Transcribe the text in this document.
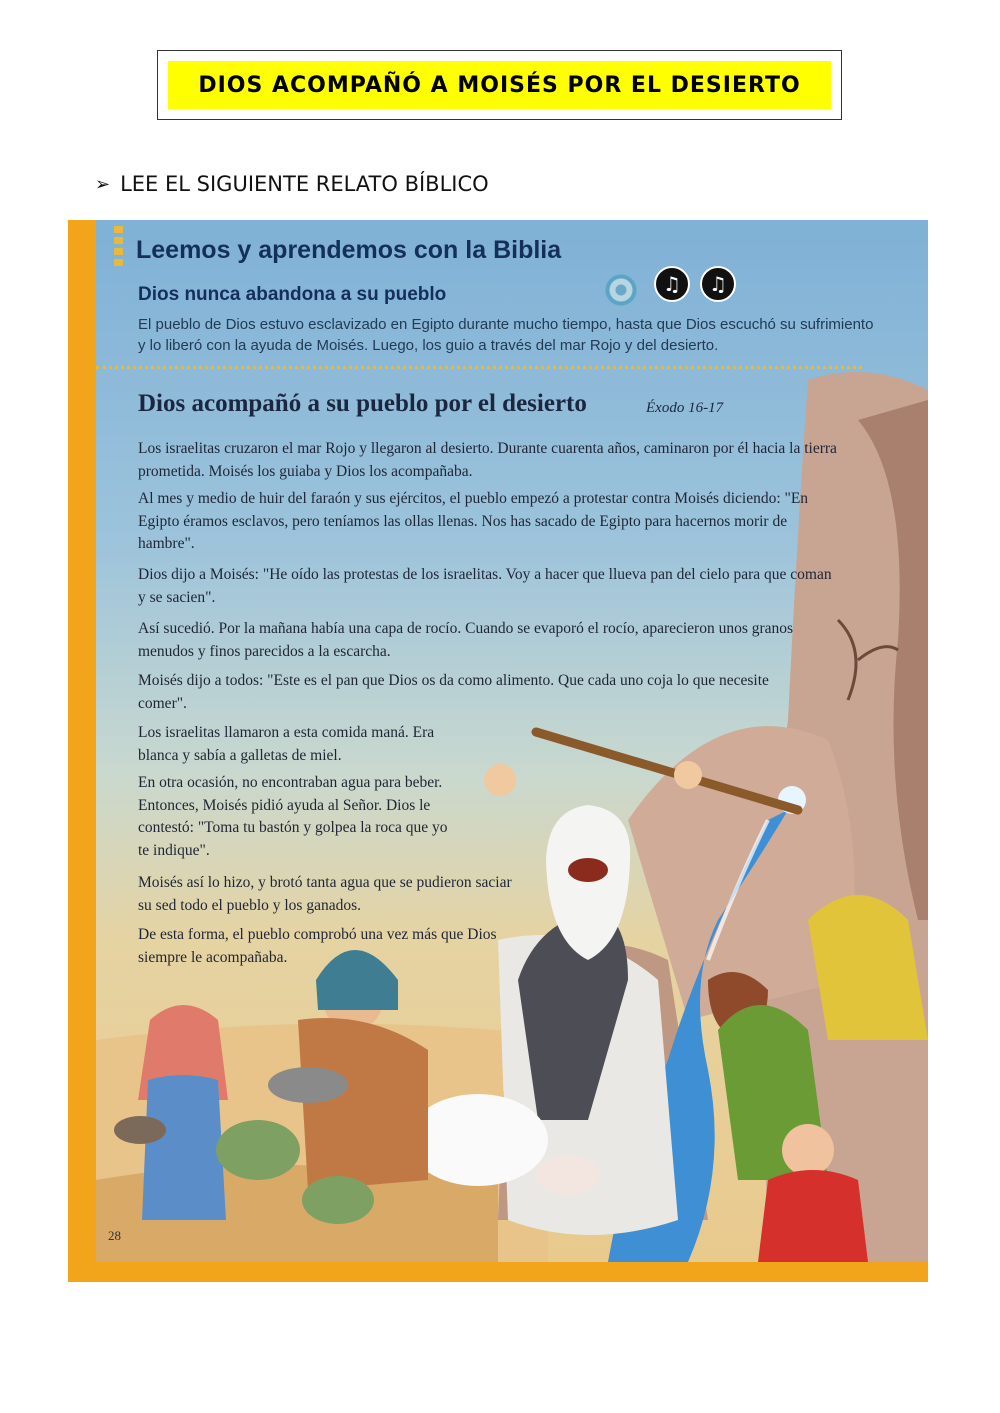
DIOS ACOMPAÑÓ A MOISÉS POR EL DESIERTO
➢ LEE EL SIGUIENTE RELATO BÍBLICO
Leemos y aprendemos con la Biblia
Dios nunca abandona a su pueblo	♫	♫
El pueblo de Dios estuvo esclavizado en Egipto durante mucho tiempo, hasta que Dios escuchó su sufrimiento y lo liberó con la ayuda de Moisés. Luego, los guio a través del mar Rojo y del desierto.
Dios acompañó a su pueblo por el desierto	Éxodo 16-17
Los israelitas cruzaron el mar Rojo y llegaron al desierto. Durante cuarenta años, caminaron por él hacia la tierra prometida. Moisés los guiaba y Dios los acompañaba.
Al mes y medio de huir del faraón y sus ejércitos, el pueblo empezó a protestar contra Moisés diciendo: "En Egipto éramos esclavos, pero teníamos las ollas llenas. Nos has sacado de Egipto para hacernos morir de hambre".
Dios dijo a Moisés: "He oído las protestas de los israelitas. Voy a hacer que llueva pan del cielo para que coman y se sacien".
Así sucedió. Por la mañana había una capa de rocío. Cuando se evaporó el rocío, aparecieron unos granos menudos y finos parecidos a la escarcha.
Moisés dijo a todos: "Este es el pan que Dios os da como alimento. Que cada uno coja lo que necesite comer".
Los israelitas llamaron a esta comida maná. Era blanca y sabía a galletas de miel.
En otra ocasión, no encontraban agua para beber. Entonces, Moisés pidió ayuda al Señor. Dios le contestó: "Toma tu bastón y golpea la roca que yo te indique".
Moisés así lo hizo, y brotó tanta agua que se pudieron saciar su sed todo el pueblo y los ganados.
De esta forma, el pueblo comprobó una vez más que Dios siempre le acompañaba.
28
